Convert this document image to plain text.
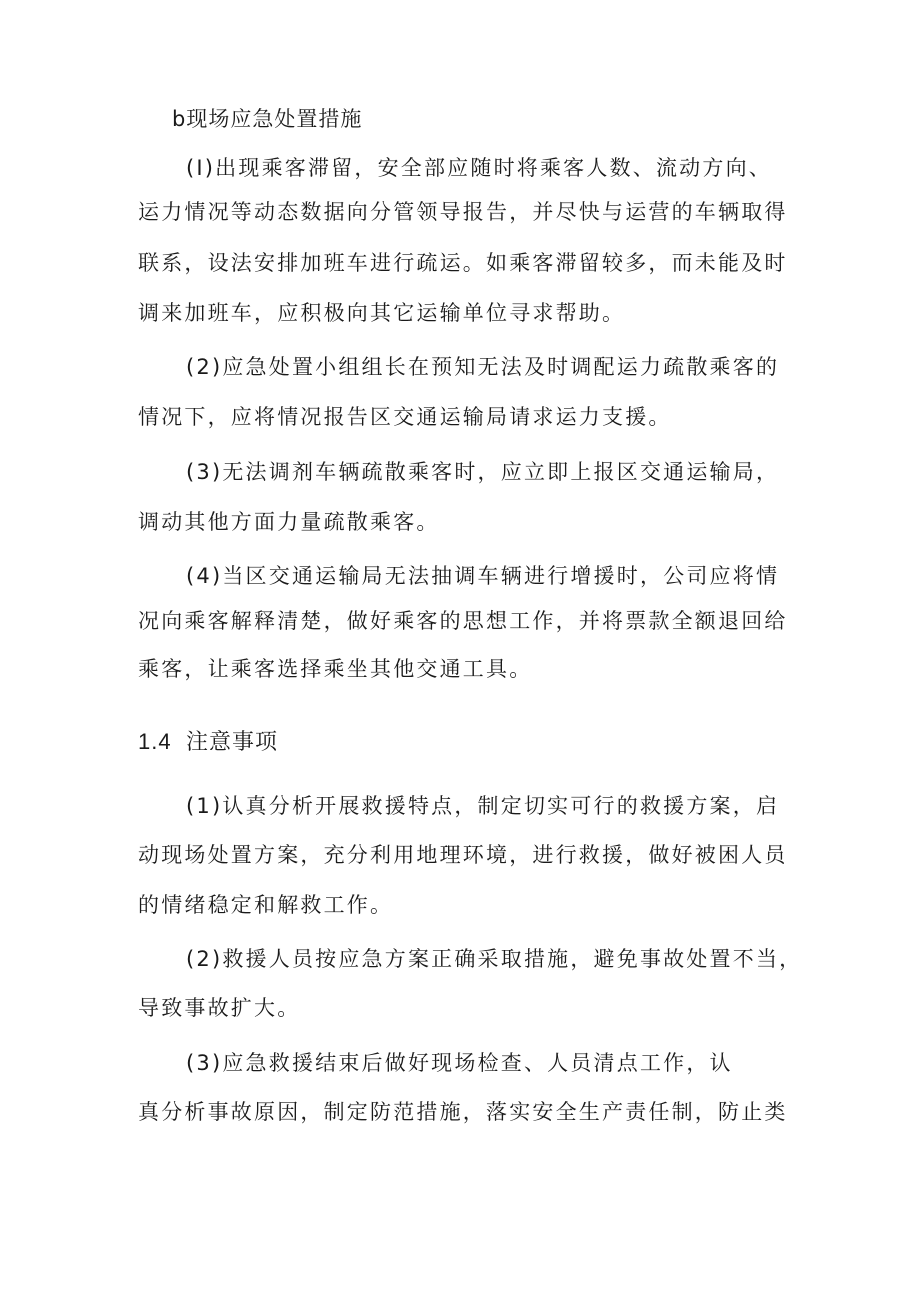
b现场应急处置措施
(I)出现乘客滞留，安全部应随时将乘客人数、流动方向、
运力情况等动态数据向分管领导报告，并尽快与运营的车辆取得
联系，设法安排加班车进行疏运。如乘客滞留较多，而未能及时
调来加班车，应积极向其它运输单位寻求帮助。
(2)应急处置小组组长在预知无法及时调配运力疏散乘客的
情况下，应将情况报告区交通运输局请求运力支援。
(3)无法调剂车辆疏散乘客时，应立即上报区交通运输局，
调动其他方面力量疏散乘客。
(4)当区交通运输局无法抽调车辆进行增援时，公司应将情
况向乘客解释清楚，做好乘客的思想工作，并将票款全额退回给
乘客，让乘客选择乘坐其他交通工具。
1.4 注意事项
(1)认真分析开展救援特点，制定切实可行的救援方案，启
动现场处置方案，充分利用地理环境，进行救援，做好被困人员
的情绪稳定和解救工作。
(2)救援人员按应急方案正确采取措施，避免事故处置不当，
导致事故扩大。
(3)应急救援结束后做好现场检查、人员清点工作，认
真分析事故原因，制定防范措施，落实安全生产责任制，防止类
